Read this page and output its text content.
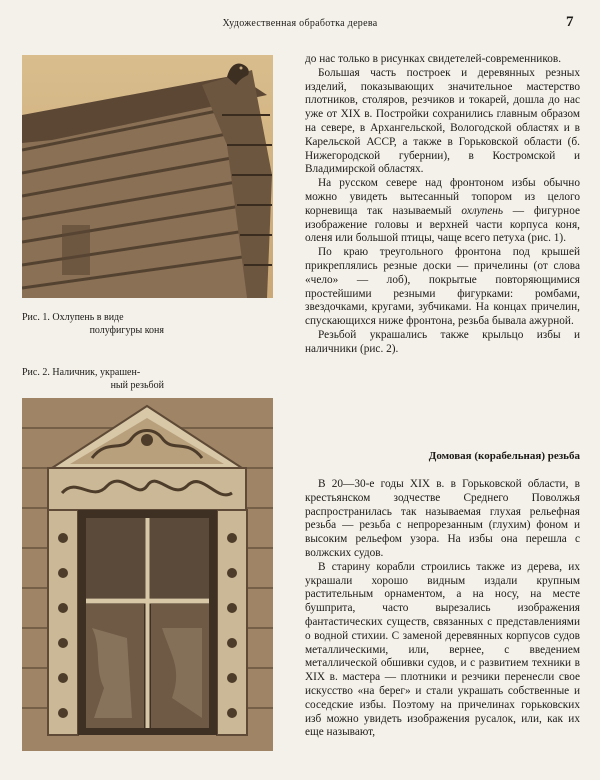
Художественная обработка дерева	7
Рис. 1. Охлупень в виде
полуфигуры коня
Рис. 2. Наличник, украшен-
ный резьбой

до нас только в рисунках свидетелей-современников.

Большая часть построек и деревянных резных изделий, показывающих значительное мастерство плотников, столяров, резчиков и токарей, дошла до нас уже от XIX в. Постройки сохранились главным образом на севере, в Архангельской, Вологодской областях и в Карельской АССР, а также в Горьковской области (б. Нижегородской губернии), в Костромской и Владимирской областях.

На русском севере над фронтоном избы обычно можно увидеть вытесанный топором из целого корневища так называемый охлупень — фигурное изображение головы и верхней части корпуса коня, оленя или большой птицы, чаще всего петуха (рис. 1).

По краю треугольного фронтона под крышей прикреплялись резные доски — причелины (от слова «чело» — лоб), покрытые повторяющимися простейшими резными фигурками: ромбами, звездочками, кругами, зубчиками. На концах причелин, спускающихся ниже фронтона, резьба бывала ажурной.

Резьбой украшались также крыльцо избы и наличники (рис. 2).

Домовая (корабельная) резьба

В 20—30-е годы XIX в. в Горьковской области, в крестьянском зодчестве Среднего Поволжья распространилась так называемая глухая рельефная резьба — резьба с непрорезанным (глухим) фоном и высоким рельефом узора. На избы она перешла с волжских судов.

В старину корабли строились также из дерева, их украшали хорошо видным издали крупным растительным орнаментом, а на носу, на месте бушприта, часто вырезались изображения фантастических существ, связанных с представлениями о водной стихии. С заменой деревянных корпусов судов металлическими, или, вернее, с введением металлической обшивки судов, и с развитием техники в XIX в. мастера — плотники и резчики перенесли свое искусство «на берег» и стали украшать собственные и соседские избы. Поэтому на причелинах горьковских изб можно увидеть изображения русалок, или, как их еще называют,
